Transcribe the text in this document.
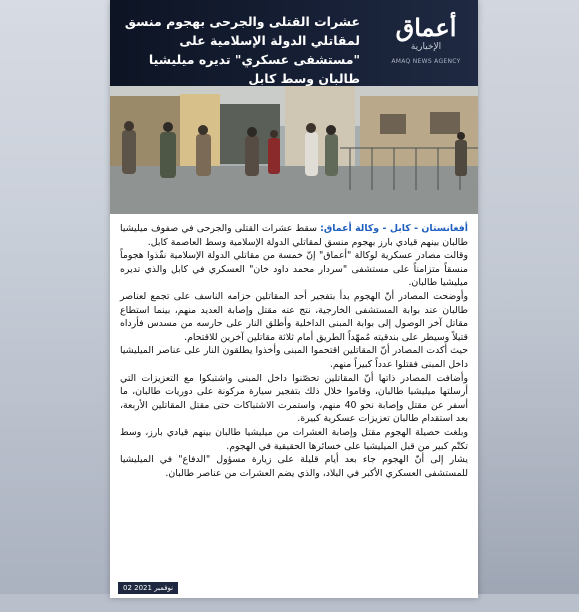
عشرات القتلى والجرحى بهجوم منسق لمقاتلي الدولة الإسلامية على "مستشفى عسكري" تديره ميليشيا طالبان وسط كابل
أعماق
الإخبارية
AMAQ NEWS AGENCY

أفغانستان - كابل - وكالة أعماق: سقط عشرات القتلى والجرحى في صفوف ميليشيا طالبان بينهم قيادي بارز بهجوم منسق لمقاتلي الدولة الإسلامية وسط العاصمة كابل.

وقالت مصادر عسكرية لوكالة "أعماق" إنّ خمسة من مقاتلي الدولة الإسلامية نفّذوا هجوماً منسقاً متزامناً على مستشفى "سردار محمد داود خان" العسكري في كابل والذي تديره ميليشيا طالبان.

وأوضحت المصادر أنّ الهجوم بدأ بتفجير أحد المقاتلين حزامه الناسف على تجمع لعناصر طالبان عند بوابة المستشفى الخارجية، نتج عنه مقتل وإصابة العديد منهم، بينما استطاع مقاتل آخر الوصول إلى بوابة المبنى الداخلية وأطلق النار على حارسه من مسدس فأرداه قتيلاً وسيطر على بندقيته مُمهّداً الطريق أمام ثلاثة مقاتلين آخرين للاقتحام.

حيث أكدت المصادر أنّ المقاتلين اقتحموا المبنى وأخذوا يطلقون النار على عناصر الميليشيا داخل المبنى فقتلوا عدداً كبيراً منهم.

وأضافت المصادر ذاتها أنّ المقاتلين تحصّنوا داخل المبنى واشتبكوا مع التعزيزات التي أرسلتها ميليشيا طالبان، وقاموا خلال ذلك بتفجير سيارة مركونة على دوريات طالبان، ما أسفر عن مقتل وإصابة نحو 40 منهم، واستمرت الاشتباكات حتى مقتل المقاتلين الأربعة، بعد استقدام طالبان تعزيزات عسكرية كبيرة.

وبلغت حصيلة الهجوم مقتل وإصابة العشرات من ميليشيا طالبان بينهم قيادي بارز، وسط تكتّم كبير من قبل الميليشيا على خسائرها الحقيقية في الهجوم.

يشار إلى أنّ الهجوم جاء بعد أيام قليلة على زيارة مسؤول "الدفاع" في الميليشيا للمستشفى العسكري الأكبر في البلاد، والذي يضم العشرات من عناصر طالبان.

02 نوفمبر 2021
